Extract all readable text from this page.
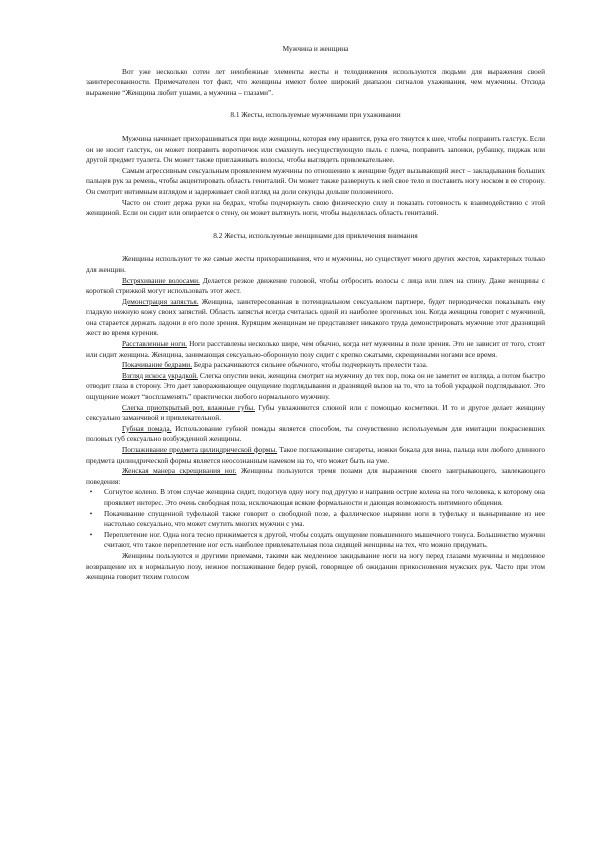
Мужчина и женщина

Вот уже несколько сотен лет неизбежные элементы жесты и телодвижения используются людьми для выражения своей заинтересованности. Примечателен тот факт, что женщины имеют более широкий диапазон сигналов ухаживания, чем мужчины. Отсюда выражение “Женщина любит ушами, а мужчина – глазами”.

8.1 Жесты, используемые мужчинами при ухаживании

Мужчина начинает прихорашиваться при виде женщины, которая ему нравится, рука его тянутся к шее, чтобы поправить галстук. Если он не носит галстук, он может поправить воротничок или смахнуть несуществующую пыль с плеча, поправить запонки, рубашку, пиджак или другой предмет туалета. Он может также приглаживать волосы, чтобы выглядеть привлекательнее.

Самым агрессивным сексуальным проявлением мужчины по отношению к женщине будет вызывающий жест – закладывания больших пальцев рук за ремень, чтобы акцентировать область гениталий. Он может также развернуть к ней свое тело и поставить ногу носком в ее сторону. Он смотрит интимным взглядом и задерживает свой взгляд на доли секунды дольше положенного.

Часто он стоит держа руки на бедрах, чтобы подчеркнуть свою физическую силу и показать готовность к взаимодействию с этой женщиной. Если он сидит или опирается о стену, он может вытянуть ноги, чтобы выделялась область гениталий.

8.2 Жесты, используемые женщинами для привлечения внимания

Женщины используют те же самые жесты прихорашивания, что и мужчины, но существует много других жестов, характерных только для женщин.

Встряхивание волосами. Делается резкое движение головой, чтобы отбросить волосы с лица или плеч на спину. Даже женщины с короткой стрижкой могут использовать этот жест.

Демонстрация запястья. Женщина, заинтересованная в потенциальном сексуальном партнере, будет периодически показывать ему гладкую нежную кожу своих запястий. Область запястья всегда считалась одной из наиболее эрогенных зон. Когда женщина говорит с мужчиной, она старается держать ладони в его поле зрения. Курящим женщинам не представляет никакого труда демонстрировать мужчине этот дразнящий жест во время курения.

Расставленные ноги. Ноги расставлены несколько шире, чем обычно, когда нет мужчины в поле зрения. Это не зависит от того, стоит или сидит женщина. Женщина, занимающая сексуально-оборонную позу сидит с крепко сжатыми, скрещенными ногами все время.

Покачивание бедрами. Бедра раскачиваются сильнее обычного, чтобы подчеркнуть прелести таза.

Взгляд искоса украдкой. Слегка опустив веки, женщина смотрит на мужчину до тех пор, пока он не заметит ее взгляда, а потом быстро отводит глаза в сторону. Это дает завораживающее ощущение подглядывания и дразнящей вызов на то, что за тобой украдкой подглядывают. Это ощущение может “воспламенять” практически любого нормального мужчину.

Слегка приоткрытый рот, влажные губы. Губы увлажняются слюной или с помощью косметики. И то и другое делает женщину сексуально заманчивой и привлекательной.

Губная помада. Использование губной помады является способом, ты сочувственно используемым для имитации покрасневших половых губ сексуально возбужденной женщины.

Поглаживание предмета цилиндрической формы. Такое поглаживание сигареты, ножки бокала для вина, пальца или любого длинного предмета цилиндрической формы является неосознанным намеком на то, что может быть на уме.

Женская манера скрещивания ног. Женщины пользуются тремя позами для выражения своего заигрывающего, завлекающего поведения:

•	Согнутое колено. В этом случае женщина сидит, подогнув одну ногу под другую и направив острие колена на того человека, к которому она проявляет интерес. Это очень свободная поза, исключающая всякие формальности и дающая возможность интимного общения.
•	Покачивание спущенной туфелькой также говорит о свободной позе, а фаллическое нырянии ноги в туфельку и выныривание из нее настолько сексуально, что может смутить многих мужчин с ума.
•	Переплетение ног. Одна нога тесно прижимается к другой, чтобы создать ощущение повышенного мышечного тонуса. Большинство мужчин считают, что такое переплетение ног есть наиболее привлекательная поза сидящей женщины на тех, что можно придумать.

Женщины пользуются и другими приемами, такими как медленное закидывание ноги на ногу перед глазами мужчины и медленное возвращение их в нормальную позу, нежное поглаживание бедер рукой, говорящее об ожидании прикосновения мужских рук. Часто при этом женщина говорит тихим голосом
